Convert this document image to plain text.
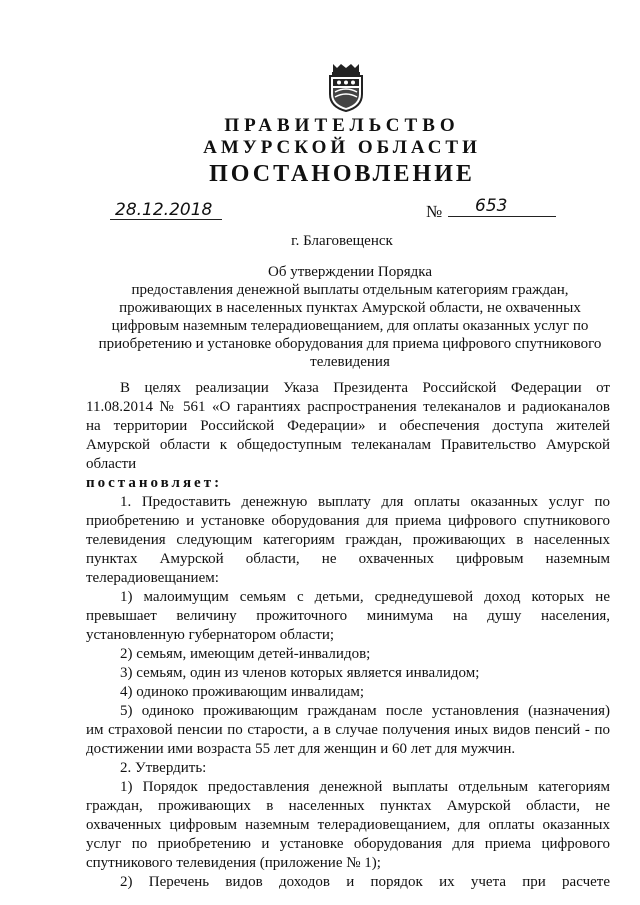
ПРАВИТЕЛЬСТВО
АМУРСКОЙ ОБЛАСТИ
ПОСТАНОВЛЕНИЕ
28.12.2018	№ 653
г. Благовещенск
Об утверждении Порядка
предоставления денежной выплаты отдельным категориям граждан,
проживающих в населенных пунктах Амурской области, не охваченных
цифровым наземным телерадиовещанием, для оплаты оказанных услуг по
приобретению и установке оборудования для приема цифрового спутникового
телевидения
В целях реализации Указа Президента Российской Федерации от
11.08.2014 № 561 «О гарантиях распространения телеканалов и радиоканалов
на территории Российской Федерации» и обеспечения доступа жителей
Амурской области к общедоступным телеканалам Правительство Амурской
области
постановляет:
1. Предоставить денежную выплату для оплаты оказанных услуг по
приобретению и установке оборудования для приема цифрового спутникового
телевидения следующим категориям граждан, проживающих в населенных
пунктах Амурской области, не охваченных цифровым наземным
телерадиовещанием:
1) малоимущим семьям с детьми, среднедушевой доход которых не
превышает величину прожиточного минимума на душу населения,
установленную губернатором области;
2) семьям, имеющим детей-инвалидов;
3) семьям, один из членов которых является инвалидом;
4) одиноко проживающим инвалидам;
5) одиноко проживающим гражданам после установления (назначения)
им страховой пенсии по старости, а в случае получения иных видов пенсий - по
достижении ими возраста 55 лет для женщин и 60 лет для мужчин.
2. Утвердить:
1) Порядок предоставления денежной выплаты отдельным категориям
граждан, проживающих в населенных пунктах Амурской области, не
охваченных цифровым наземным телерадиовещанием, для оплаты оказанных
услуг по приобретению и установке оборудования для приема цифрового
спутникового телевидения (приложение № 1);
2) Перечень видов доходов и порядок их учета при расчете
